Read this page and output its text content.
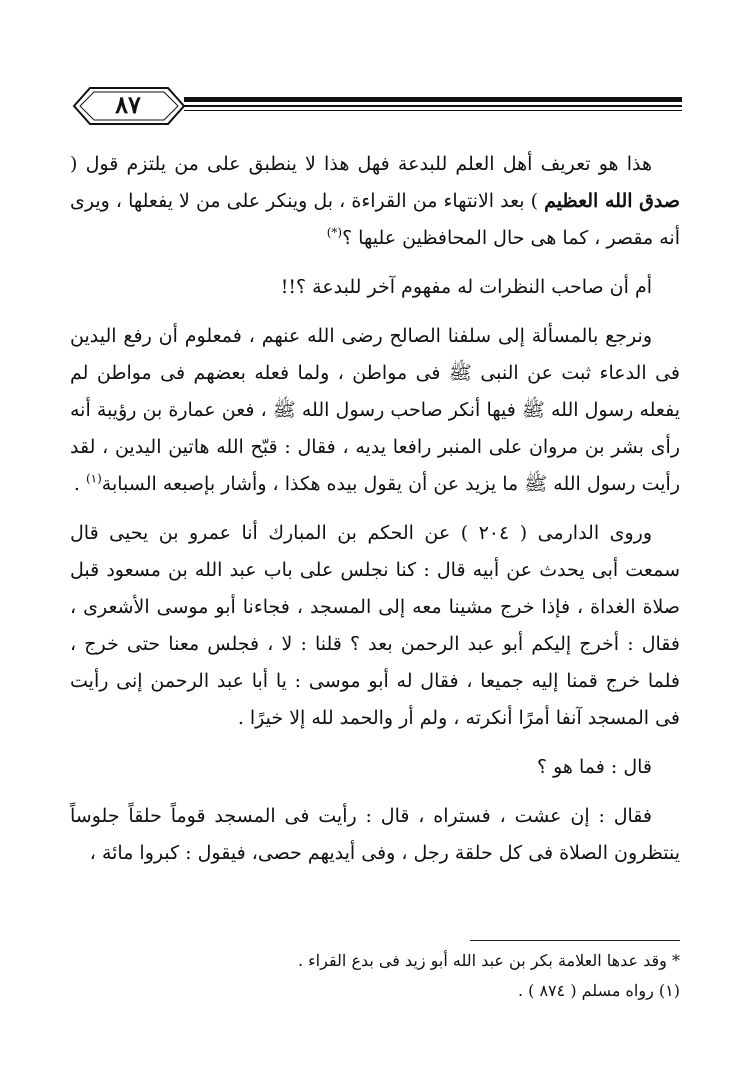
٨٧

هذا هو تعريف أهل العلم للبدعة فهل هذا لا ينطبق على من يلتزم قول ( صدق الله العظيم ) بعد الانتهاء من القراءة ، بل وينكر على من لا يفعلها ، ويرى أنه مقصر ، كما هى حال المحافظين عليها ؟(*)

أم أن صاحب النظرات له مفهوم آخر للبدعة ؟!!

ونرجع بالمسألة إلى سلفنا الصالح رضى الله عنهم ، فمعلوم أن رفع اليدين فى الدعاء ثبت عن النبى ﷺ فى مواطن ، ولما فعله بعضهم فى مواطن لم يفعله رسول الله ﷺ فيها أنكر صاحب رسول الله ﷺ ، فعن عمارة بن رؤيبة أنه رأى بشر بن مروان على المنبر رافعا يديه ، فقال : قبّح الله هاتين اليدين ، لقد رأيت رسول الله ﷺ ما يزيد عن أن يقول بيده هكذا ، وأشار بإصبعه السبابة$^{(١)}$ .

وروى الدارمى ( ٢٠٤ ) عن الحكم بن المبارك أنا عمرو بن يحيى قال سمعت أبى يحدث عن أبيه قال : كنا نجلس على باب عبد الله بن مسعود قبل صلاة الغداة ، فإذا خرج مشينا معه إلى المسجد ، فجاءنا أبو موسى الأشعرى ، فقال : أخرج إليكم أبو عبد الرحمن بعد ؟ قلنا : لا ، فجلس معنا حتى خرج ، فلما خرج قمنا إليه جميعا ، فقال له أبو موسى : يا أبا عبد الرحمن إنى رأيت فى المسجد آنفا أمرًا أنكرته ، ولم أر والحمد لله إلا خيرًا .

قال : فما هو ؟

فقال : إن عشت ، فستراه ، قال : رأيت فى المسجد قوماً حلقاً جلوساً ينتظرون الصلاة فى كل حلقة رجل ، وفى أيديهم حصى، فيقول : كبروا مائة ،

* وقد عدها العلامة بكر بن عبد الله أبو زيد فى بدع القراء .

(١) رواه مسلم ( ٨٧٤ ) .
